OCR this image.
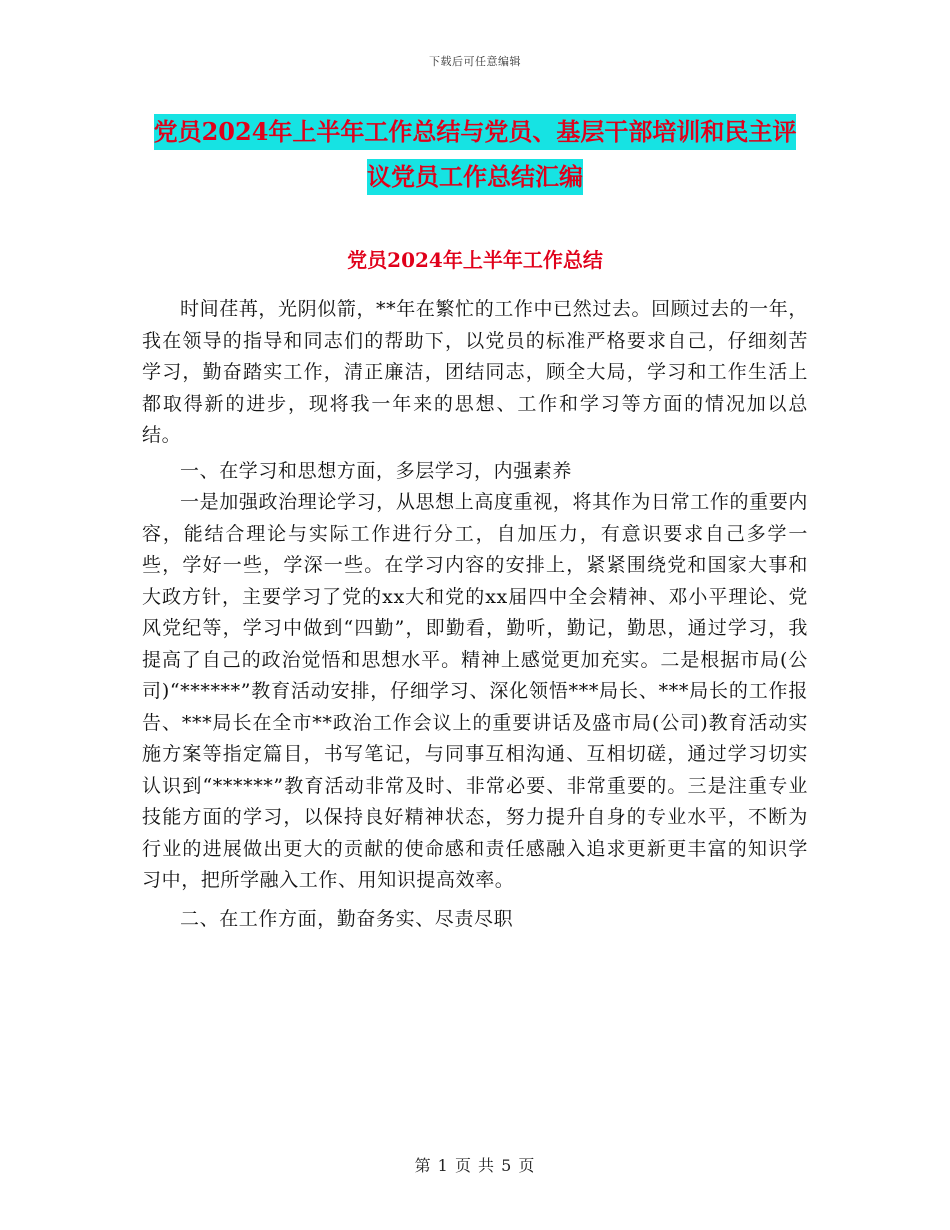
下载后可任意编辑
党员2024年上半年工作总结与党员、基层干部培训和民主评议党员工作总结汇编
党员2024年上半年工作总结

时间荏苒，光阴似箭，**年在繁忙的工作中已然过去。回顾过去的一年，我在领导的指导和同志们的帮助下，以党员的标准严格要求自己，仔细刻苦学习，勤奋踏实工作，清正廉洁，团结同志，顾全大局，学习和工作生活上都取得新的进步，现将我一年来的思想、工作和学习等方面的情况加以总结。

一、在学习和思想方面，多层学习，内强素养

一是加强政治理论学习，从思想上高度重视，将其作为日常工作的重要内容，能结合理论与实际工作进行分工，自加压力，有意识要求自己多学一些，学好一些，学深一些。在学习内容的安排上，紧紧围绕党和国家大事和大政方针，主要学习了党的xx大和党的xx届四中全会精神、邓小平理论、党风党纪等，学习中做到“四勤”，即勤看，勤听，勤记，勤思，通过学习，我提高了自己的政治觉悟和思想水平。精神上感觉更加充实。二是根据市局(公司)“******”教育活动安排，仔细学习、深化领悟***局长、***局长的工作报告、***局长在全市**政治工作会议上的重要讲话及盛市局(公司)教育活动实施方案等指定篇目，书写笔记，与同事互相沟通、互相切磋，通过学习切实认识到“******”教育活动非常及时、非常必要、非常重要的。三是注重专业技能方面的学习，以保持良好精神状态，努力提升自身的专业水平，不断为行业的进展做出更大的贡献的使命感和责任感融入追求更新更丰富的知识学习中，把所学融入工作、用知识提高效率。

二、在工作方面，勤奋务实、尽责尽职

第 1 页 共 5 页
